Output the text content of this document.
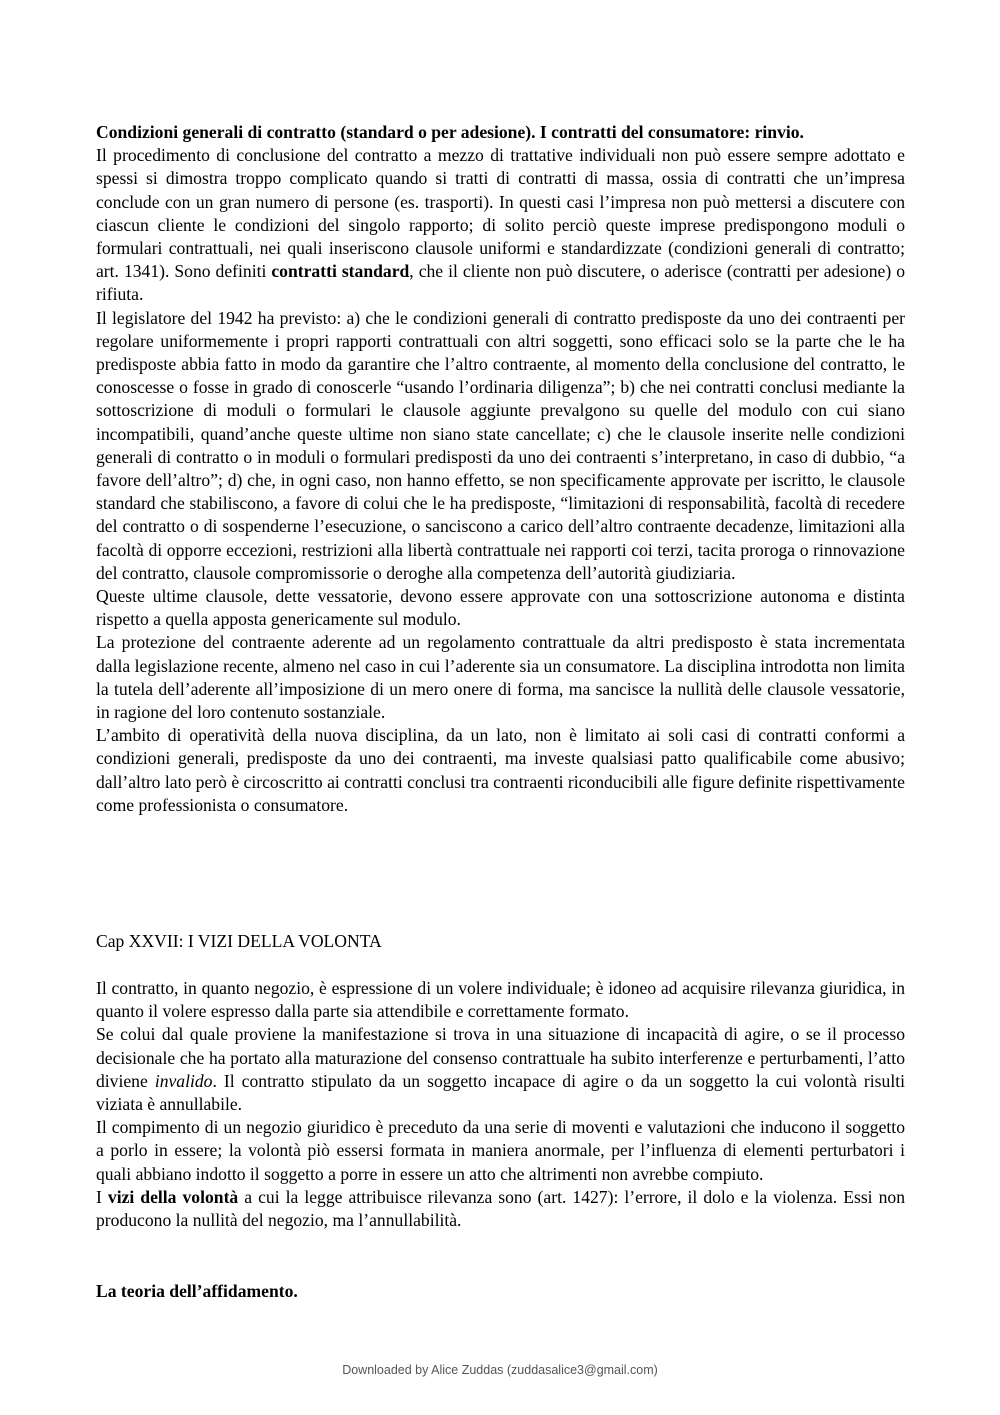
Condizioni generali di contratto (standard o per adesione). I contratti del consumatore: rinvio.

Il procedimento di conclusione del contratto a mezzo di trattative individuali non può essere sempre adottato e spessi si dimostra troppo complicato quando si tratti di contratti di massa, ossia di contratti che un’impresa conclude con un gran numero di persone (es. trasporti). In questi casi l’impresa non può mettersi a discutere con ciascun cliente le condizioni del singolo rapporto; di solito perciò queste imprese predispongono moduli o formulari contrattuali, nei quali inseriscono clausole uniformi e standardizzate (condizioni generali di contratto; art. 1341). Sono definiti contratti standard, che il cliente non può discutere, o aderisce (contratti per adesione) o rifiuta.

Il legislatore del 1942 ha previsto: a) che le condizioni generali di contratto predisposte da uno dei contraenti per regolare uniformemente i propri rapporti contrattuali con altri soggetti, sono efficaci solo se la parte che le ha predisposte abbia fatto in modo da garantire che l’altro contraente, al momento della conclusione del contratto, le conoscesse o fosse in grado di conoscerle “usando l’ordinaria diligenza”; b) che nei contratti conclusi mediante la sottoscrizione di moduli o formulari le clausole aggiunte prevalgono su quelle del modulo con cui siano incompatibili, quand’anche queste ultime non siano state cancellate; c) che le clausole inserite nelle condizioni generali di contratto o in moduli o formulari predisposti da uno dei contraenti s’interpretano, in caso di dubbio, “a favore dell’altro”; d) che, in ogni caso, non hanno effetto, se non specificamente approvate per iscritto, le clausole standard che stabiliscono, a favore di colui che le ha predisposte, “limitazioni di responsabilità, facoltà di recedere del contratto o di sospenderne l’esecuzione, o sanciscono a carico dell’altro contraente decadenze, limitazioni alla facoltà di opporre eccezioni, restrizioni alla libertà contrattuale nei rapporti coi terzi, tacita proroga o rinnovazione del contratto, clausole compromissorie o deroghe alla competenza dell’autorità giudiziaria.

Queste ultime clausole, dette vessatorie, devono essere approvate con una sottoscrizione autonoma e distinta rispetto a quella apposta genericamente sul modulo.

La protezione del contraente aderente ad un regolamento contrattuale da altri predisposto è stata incrementata dalla legislazione recente, almeno nel caso in cui l’aderente sia un consumatore. La disciplina introdotta non limita la tutela dell’aderente all’imposizione di un mero onere di forma, ma sancisce la nullità delle clausole vessatorie, in ragione del loro contenuto sostanziale.

L’ambito di operatività della nuova disciplina, da un lato, non è limitato ai soli casi di contratti conformi a condizioni generali, predisposte da uno dei contraenti, ma investe qualsiasi patto qualificabile come abusivo; dall’altro lato però è circoscritto ai contratti conclusi tra contraenti riconducibili alle figure definite rispettivamente come professionista o consumatore.

Cap XXVII: I VIZI DELLA VOLONTA

Il contratto, in quanto negozio, è espressione di un volere individuale; è idoneo ad acquisire rilevanza giuridica, in quanto il volere espresso dalla parte sia attendibile e correttamente formato.

Se colui dal quale proviene la manifestazione si trova in una situazione di incapacità di agire, o se il processo decisionale che ha portato alla maturazione del consenso contrattuale ha subito interferenze e perturbamenti, l’atto diviene invalido. Il contratto stipulato da un soggetto incapace di agire o da un soggetto la cui volontà risulti viziata è annullabile.

Il compimento di un negozio giuridico è preceduto da una serie di moventi e valutazioni che inducono il soggetto a porlo in essere; la volontà piò essersi formata in maniera anormale, per l’influenza di elementi perturbatori i quali abbiano indotto il soggetto a porre in essere un atto che altrimenti non avrebbe compiuto.

I vizi della volontà a cui la legge attribuisce rilevanza sono (art. 1427): l’errore, il dolo e la violenza. Essi non producono la nullità del negozio, ma l’annullabilità.

La teoria dell’affidamento.

Downloaded by Alice Zuddas (zuddasalice3@gmail.com)
